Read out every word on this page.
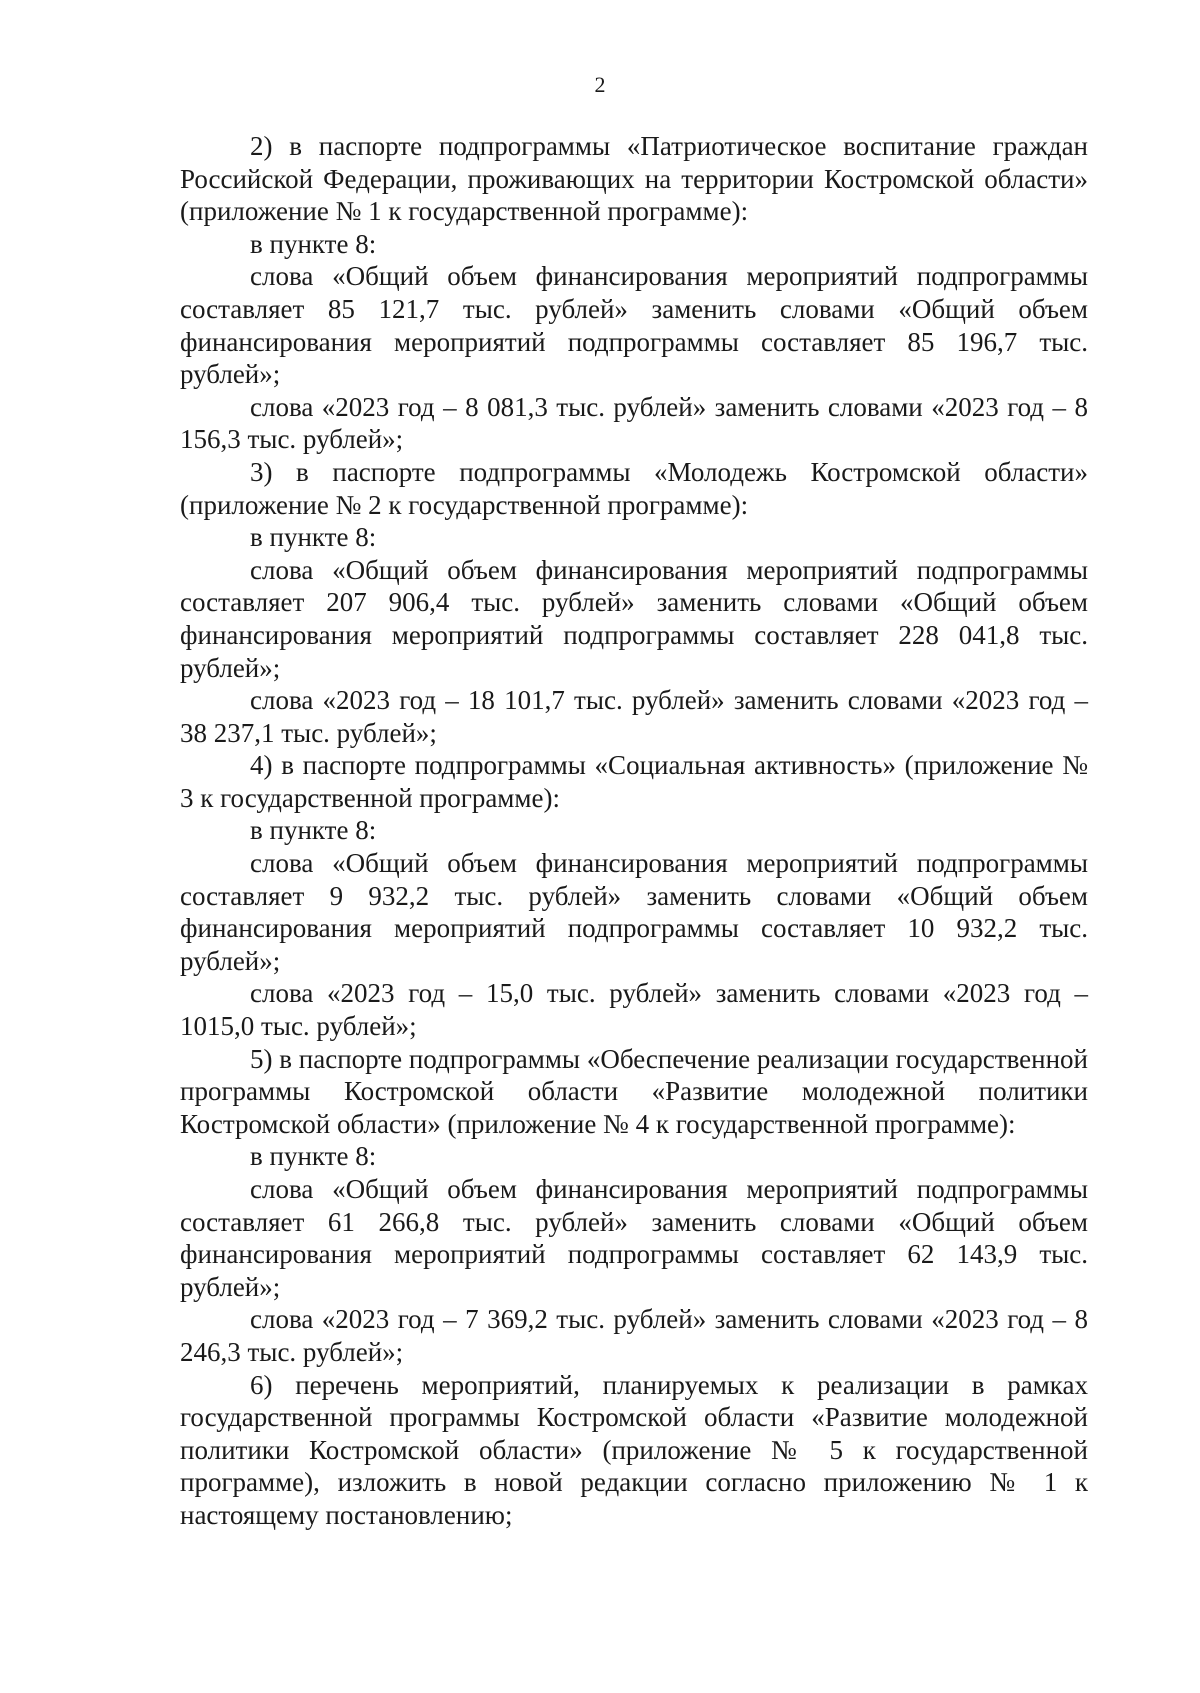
2

2) в паспорте подпрограммы «Патриотическое воспитание граждан Российской Федерации, проживающих на территории Костромской области» (приложение № 1 к государственной программе):

в пункте 8:

слова «Общий объем финансирования мероприятий подпрограммы составляет 85 121,7 тыс. рублей» заменить словами «Общий объем финансирования мероприятий подпрограммы составляет 85 196,7 тыс. рублей»;

слова «2023 год – 8 081,3 тыс. рублей» заменить словами «2023 год – 8 156,3 тыс. рублей»;

3) в паспорте подпрограммы «Молодежь Костромской области» (приложение № 2 к государственной программе):

в пункте 8:

слова «Общий объем финансирования мероприятий подпрограммы составляет 207 906,4 тыс. рублей» заменить словами «Общий объем финансирования мероприятий подпрограммы составляет 228 041,8 тыс. рублей»;

слова «2023 год – 18 101,7 тыс. рублей» заменить словами «2023 год – 38 237,1 тыс. рублей»;

4) в паспорте подпрограммы «Социальная активность» (приложение № 3 к государственной программе):

в пункте 8:

слова «Общий объем финансирования мероприятий подпрограммы составляет 9 932,2 тыс. рублей» заменить словами «Общий объем финансирования мероприятий подпрограммы составляет 10 932,2 тыс. рублей»;

слова «2023 год – 15,0 тыс. рублей» заменить словами «2023 год – 1015,0 тыс. рублей»;

5) в паспорте подпрограммы «Обеспечение реализации государственной программы Костромской области «Развитие молодежной политики Костромской области» (приложение № 4 к государственной программе):

в пункте 8:

слова «Общий объем финансирования мероприятий подпрограммы составляет 61 266,8 тыс. рублей» заменить словами «Общий объем финансирования мероприятий подпрограммы составляет 62 143,9 тыс. рублей»;

слова «2023 год – 7 369,2 тыс. рублей» заменить словами «2023 год – 8 246,3 тыс. рублей»;

6) перечень мероприятий, планируемых к реализации в рамках государственной программы Костромской области «Развитие молодежной политики Костромской области» (приложение № 5 к государственной программе), изложить в новой редакции согласно приложению № 1 к настоящему постановлению;
